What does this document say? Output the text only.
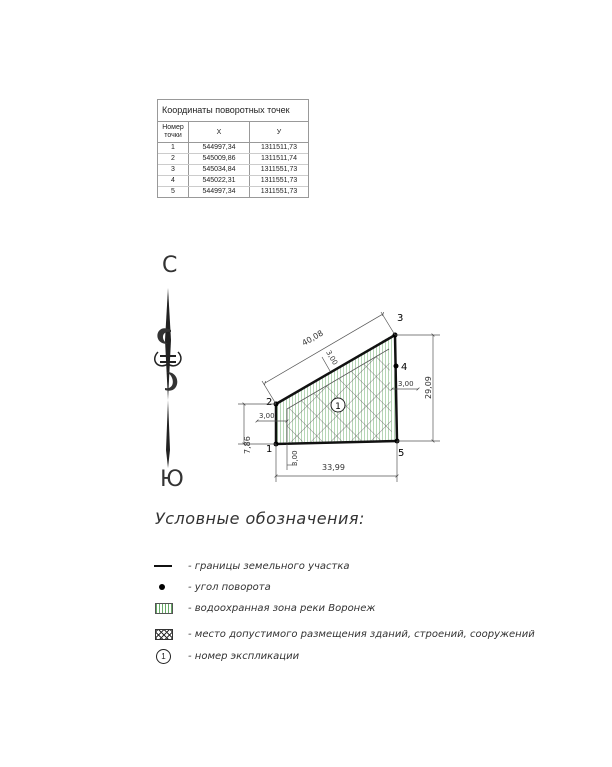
Координаты поворотных точек
Номер точки	X	У
1	544997,34	1311511,73
2	545009,86	1311511,74
3	545034,84	1311551,73
4	545022,31	1311551,73
5	544997,34	1311551,73
С
Ю
1
2
3
4
5
1
40,08
33,99
29,09
7,86
3,00
3,00
3,00
3,00
Условные обозначения:
- границы земельного участка
- угол поворота
- водоохранная зона реки Воронеж
- место допустимого размещения зданий, строений, сооружений
1	- номер экспликации
